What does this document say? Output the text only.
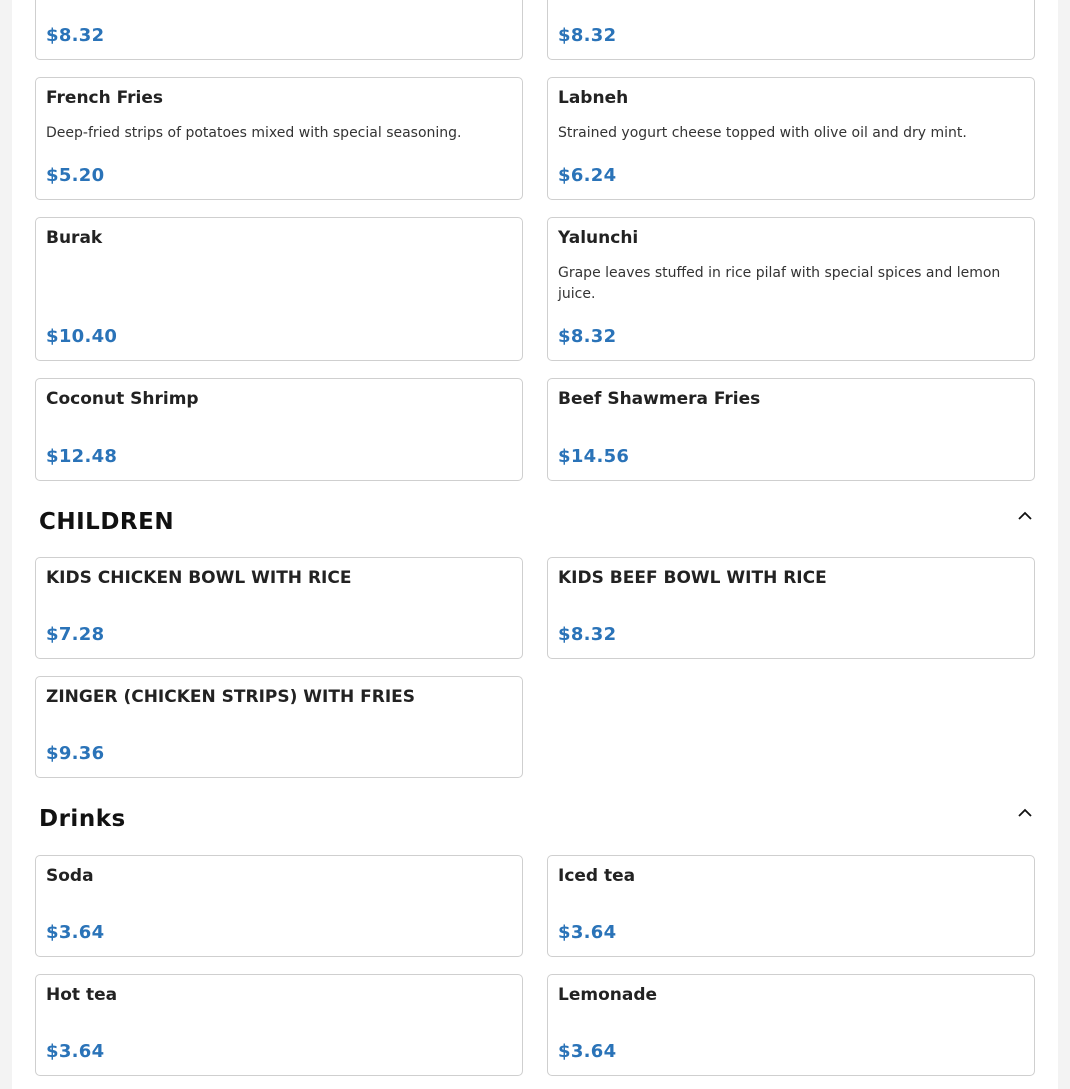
$8.32	$8.32
French Fries
Deep-fried strips of potatoes mixed with special seasoning.
$5.20
Labneh
Strained yogurt cheese topped with olive oil and dry mint.
$6.24
Burak
$10.40
Yalunchi
Grape leaves stuffed in rice pilaf with special spices and lemon juice.
$8.32
Coconut Shrimp
$12.48
Beef Shawmera Fries
$14.56
CHILDREN
KIDS CHICKEN BOWL WITH RICE
$7.28
KIDS BEEF BOWL WITH RICE
$8.32
ZINGER (CHICKEN STRIPS) WITH FRIES
$9.36
Drinks
Soda
$3.64
Iced tea
$3.64
Hot tea
$3.64
Lemonade
$3.64
